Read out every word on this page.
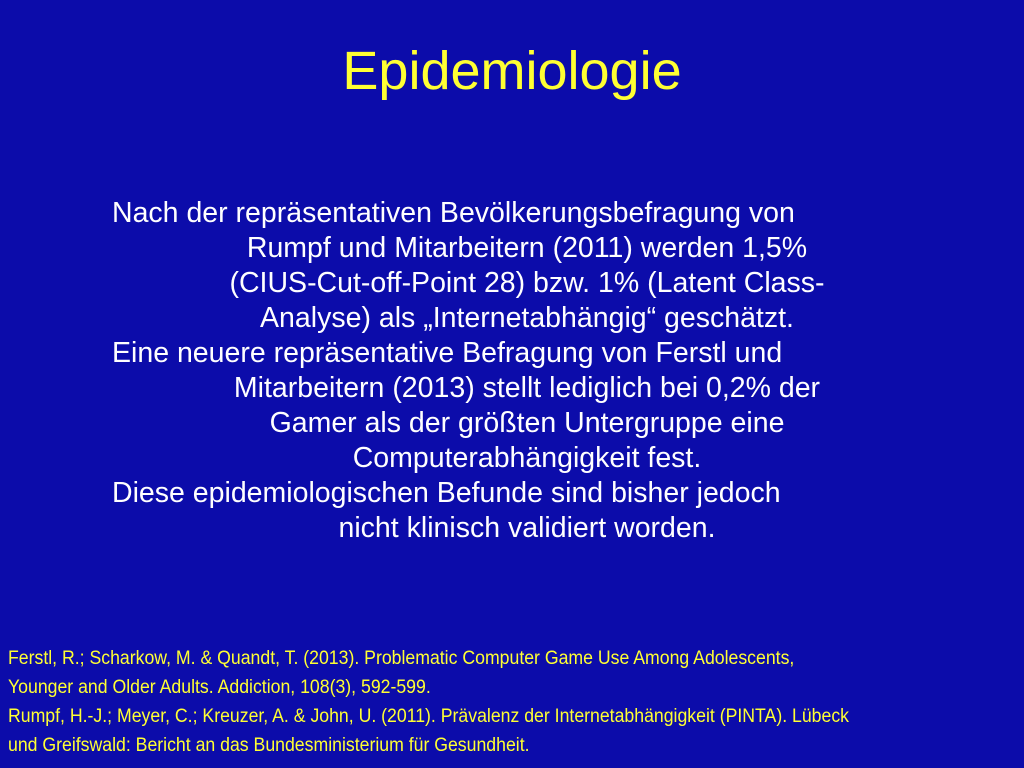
Epidemiologie

Nach der repräsentativen Bevölkerungsbefragung von
Rumpf und Mitarbeitern (2011) werden 1,5%
(CIUS-Cut-off-Point 28) bzw. 1% (Latent Class-
Analyse) als „Internetabhängig“ geschätzt.

Eine neuere repräsentative Befragung von Ferstl und
Mitarbeitern (2013) stellt lediglich bei 0,2% der
Gamer als der größten Untergruppe eine
Computerabhängigkeit fest.

Diese epidemiologischen Befunde sind bisher jedoch
nicht klinisch validiert worden.

Ferstl, R.; Scharkow, M. & Quandt, T. (2013). Problematic Computer Game Use Among Adolescents,
Younger and Older Adults. Addiction, 108(3), 592-599.
Rumpf, H.-J.; Meyer, C.; Kreuzer, A. & John, U. (2011). Prävalenz der Internetabhängigkeit (PINTA). Lübeck
und Greifswald: Bericht an das Bundesministerium für Gesundheit.
